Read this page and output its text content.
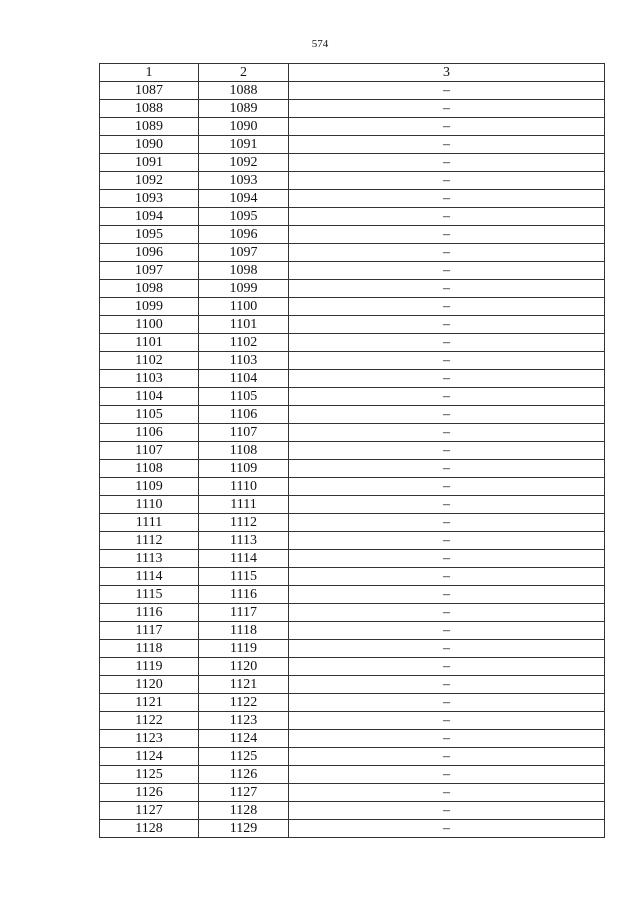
574
1	2	3
1087	1088	–
1088	1089	–
1089	1090	–
1090	1091	–
1091	1092	–
1092	1093	–
1093	1094	–
1094	1095	–
1095	1096	–
1096	1097	–
1097	1098	–
1098	1099	–
1099	1100	–
1100	1101	–
1101	1102	–
1102	1103	–
1103	1104	–
1104	1105	–
1105	1106	–
1106	1107	–
1107	1108	–
1108	1109	–
1109	1110	–
1110	1111	–
1111	1112	–
1112	1113	–
1113	1114	–
1114	1115	–
1115	1116	–
1116	1117	–
1117	1118	–
1118	1119	–
1119	1120	–
1120	1121	–
1121	1122	–
1122	1123	–
1123	1124	–
1124	1125	–
1125	1126	–
1126	1127	–
1127	1128	–
1128	1129	–
